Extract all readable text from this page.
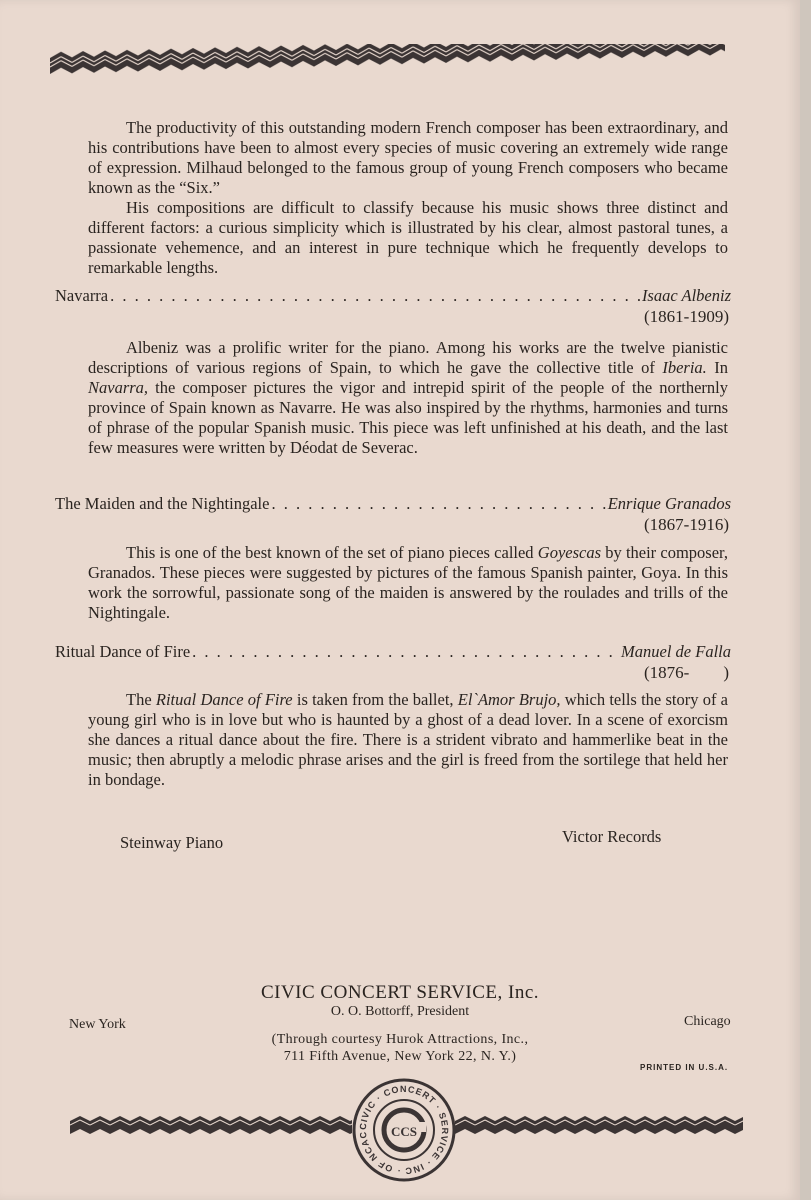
The productivity of this outstanding modern French composer has been extraordinary, and his contributions have been to almost every species of music covering an extremely wide range of expression. Milhaud belonged to the famous group of young French composers who became known as the “Six.”

His compositions are difficult to classify because his music shows three distinct and different factors: a curious simplicity which is illustrated by his clear, almost pastoral tunes, a passionate vehemence, and an interest in pure technique which he frequently develops to remarkable lengths.

Navarra . . .	Isaac Albeniz
(1861-1909)

Albeniz was a prolific writer for the piano. Among his works are the twelve pianistic descriptions of various regions of Spain, to which he gave the collective title of Iberia. In Navarra, the composer pictures the vigor and intrepid spirit of the people of the northernly province of Spain known as Navarre. He was also inspired by the rhythms, harmonies and turns of phrase of the popular Spanish music. This piece was left unfinished at his death, and the last few measures were written by Déodat de Severac.

The Maiden and the Nightingale . . .	Enrique Granados
(1867-1916)

This is one of the best known of the set of piano pieces called Goyescas by their composer, Granados. These pieces were suggested by pictures of the famous Spanish painter, Goya. In this work the sorrowful, passionate song of the maiden is answered by the roulades and trills of the Nightingale.

Ritual Dance of Fire . . .	Manuel de Falla
(1876-        )

The Ritual Dance of Fire is taken from the ballet, El`Amor Brujo, which tells the story of a young girl who is in love but who is haunted by a ghost of a dead lover. In a scene of exorcism she dances a ritual dance about the fire. There is a strident vibrato and hammerlike beat in the music; then abruptly a melodic phrase arises and the girl is freed from the sortilege that held her in bondage.

Steinway Piano	Victor Records
CIVIC CONCERT SERVICE, Inc.
O. O. Bottorff, President
New York	Chicago
(Through courtesy Hurok Attractions, Inc.,
711 Fifth Avenue, New York 22, N. Y.)
PRINTED IN U.S.A.
CIVIC · CONCERT · SERVICE · INC · OF NCAC	CCS
